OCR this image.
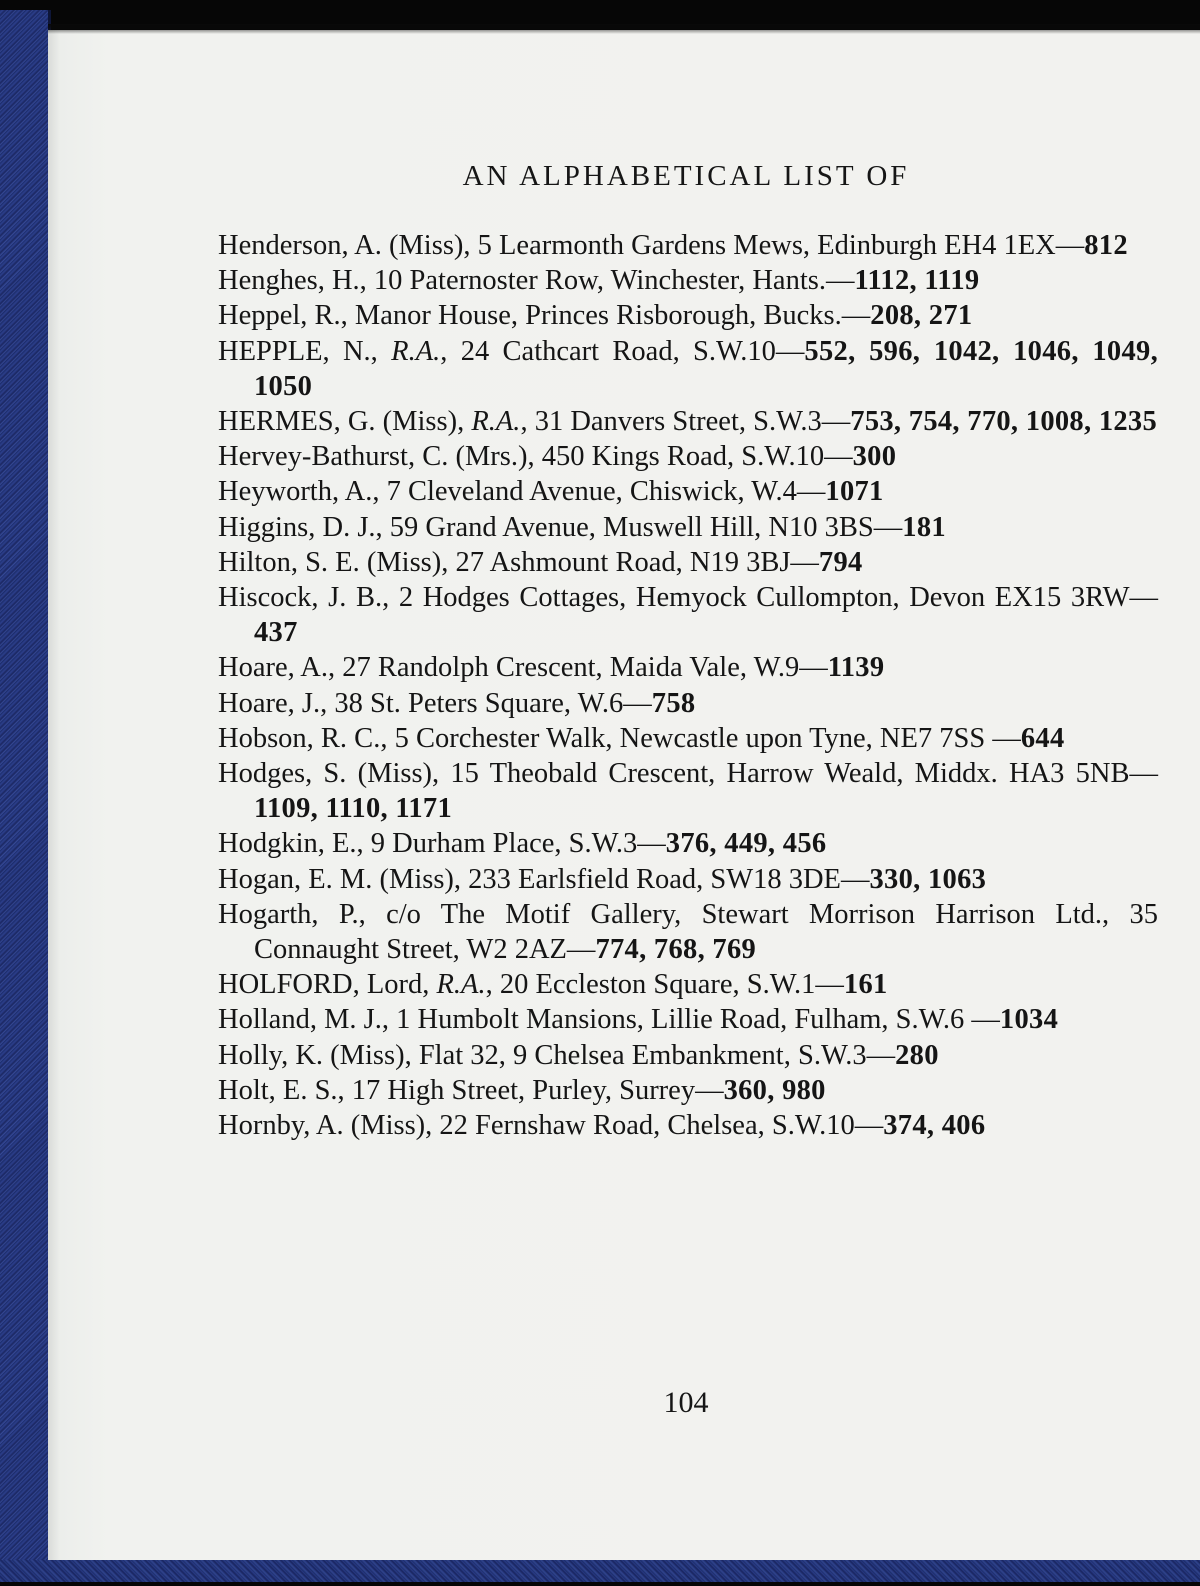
AN ALPHABETICAL LIST OF
Henderson, A. (Miss), 5 Learmonth Gardens Mews, Edinburgh EH4 1EX—812
Henghes, H., 10 Paternoster Row, Winchester, Hants.—1112, 1119
Heppel, R., Manor House, Princes Risborough, Bucks.—208, 271
HEPPLE, N., R.A., 24 Cathcart Road, S.W.10—552, 596, 1042, 1046, 1049, 1050
HERMES, G. (Miss), R.A., 31 Danvers Street, S.W.3—753, 754, 770, 1008, 1235
Hervey-Bathurst, C. (Mrs.), 450 Kings Road, S.W.10—300
Heyworth, A., 7 Cleveland Avenue, Chiswick, W.4—1071
Higgins, D. J., 59 Grand Avenue, Muswell Hill, N10 3BS—181
Hilton, S. E. (Miss), 27 Ashmount Road, N19 3BJ—794
Hiscock, J. B., 2 Hodges Cottages, Hemyock Cullompton, Devon EX15 3RW—437
Hoare, A., 27 Randolph Crescent, Maida Vale, W.9—1139
Hoare, J., 38 St. Peters Square, W.6—758
Hobson, R. C., 5 Corchester Walk, Newcastle upon Tyne, NE7 7SS —644
Hodges, S. (Miss), 15 Theobald Crescent, Harrow Weald, Middx. HA3 5NB—1109, 1110, 1171
Hodgkin, E., 9 Durham Place, S.W.3—376, 449, 456
Hogan, E. M. (Miss), 233 Earlsfield Road, SW18 3DE—330, 1063
Hogarth, P., c/o The Motif Gallery, Stewart Morrison Harrison Ltd., 35 Connaught Street, W2 2AZ—774, 768, 769
HOLFORD, Lord, R.A., 20 Eccleston Square, S.W.1—161
Holland, M. J., 1 Humbolt Mansions, Lillie Road, Fulham, S.W.6 —1034
Holly, K. (Miss), Flat 32, 9 Chelsea Embankment, S.W.3—280
Holt, E. S., 17 High Street, Purley, Surrey—360, 980
Hornby, A. (Miss), 22 Fernshaw Road, Chelsea, S.W.10—374, 406
104
